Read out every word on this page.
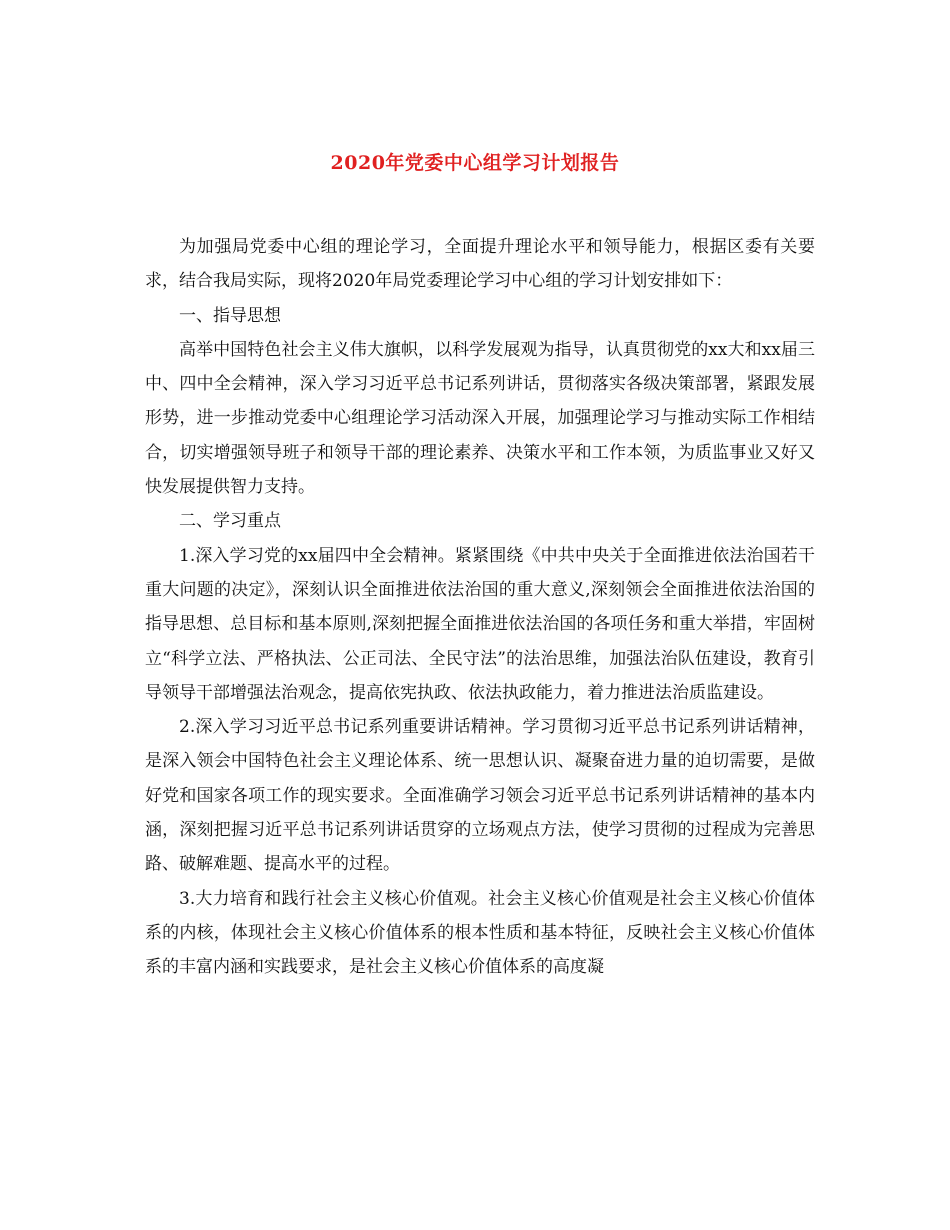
2020年党委中心组学习计划报告

为加强局党委中心组的理论学习，全面提升理论水平和领导能力，根据区委有关要求，结合我局实际，现将2020年局党委理论学习中心组的学习计划安排如下：

一、指导思想

高举中国特色社会主义伟大旗帜，以科学发展观为指导，认真贯彻党的xx大和xx届三中、四中全会精神，深入学习习近平总书记系列讲话，贯彻落实各级决策部署，紧跟发展形势，进一步推动党委中心组理论学习活动深入开展，加强理论学习与推动实际工作相结合，切实增强领导班子和领导干部的理论素养、决策水平和工作本领，为质监事业又好又快发展提供智力支持。

二、学习重点

1.深入学习党的xx届四中全会精神。紧紧围绕《中共中央关于全面推进依法治国若干重大问题的决定》，深刻认识全面推进依法治国的重大意义,深刻领会全面推进依法治国的指导思想、总目标和基本原则,深刻把握全面推进依法治国的各项任务和重大举措，牢固树立“科学立法、严格执法、公正司法、全民守法”的法治思维，加强法治队伍建设，教育引导领导干部增强法治观念，提高依宪执政、依法执政能力，着力推进法治质监建设。

2.深入学习习近平总书记系列重要讲话精神。学习贯彻习近平总书记系列讲话精神，是深入领会中国特色社会主义理论体系、统一思想认识、凝聚奋进力量的迫切需要，是做好党和国家各项工作的现实要求。全面准确学习领会习近平总书记系列讲话精神的基本内涵，深刻把握习近平总书记系列讲话贯穿的立场观点方法，使学习贯彻的过程成为完善思路、破解难题、提高水平的过程。

3.大力培育和践行社会主义核心价值观。社会主义核心价值观是社会主义核心价值体系的内核，体现社会主义核心价值体系的根本性质和基本特征，反映社会主义核心价值体系的丰富内涵和实践要求，是社会主义核心价值体系的高度凝
